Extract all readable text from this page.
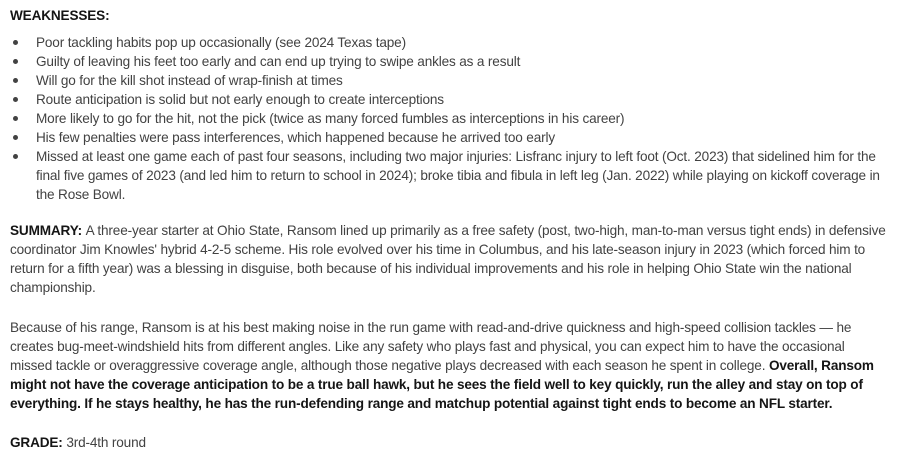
WEAKNESSES:
Poor tackling habits pop up occasionally (see 2024 Texas tape)
Guilty of leaving his feet too early and can end up trying to swipe ankles as a result
Will go for the kill shot instead of wrap-finish at times
Route anticipation is solid but not early enough to create interceptions
More likely to go for the hit, not the pick (twice as many forced fumbles as interceptions in his career)
His few penalties were pass interferences, which happened because he arrived too early
Missed at least one game each of past four seasons, including two major injuries: Lisfranc injury to left foot (Oct. 2023) that sidelined him for the final five games of 2023 (and led him to return to school in 2024); broke tibia and fibula in left leg (Jan. 2022) while playing on kickoff coverage in the Rose Bowl.

SUMMARY: A three-year starter at Ohio State, Ransom lined up primarily as a free safety (post, two-high, man-to-man versus tight ends) in defensive coordinator Jim Knowles' hybrid 4-2-5 scheme. His role evolved over his time in Columbus, and his late-season injury in 2023 (which forced him to return for a fifth year) was a blessing in disguise, both because of his individual improvements and his role in helping Ohio State win the national championship.

Because of his range, Ransom is at his best making noise in the run game with read-and-drive quickness and high-speed collision tackles — he creates bug-meet-windshield hits from different angles. Like any safety who plays fast and physical, you can expect him to have the occasional missed tackle or overaggressive coverage angle, although those negative plays decreased with each season he spent in college. Overall, Ransom might not have the coverage anticipation to be a true ball hawk, but he sees the field well to key quickly, run the alley and stay on top of everything. If he stays healthy, he has the run-defending range and matchup potential against tight ends to become an NFL starter.

GRADE: 3rd-4th round
